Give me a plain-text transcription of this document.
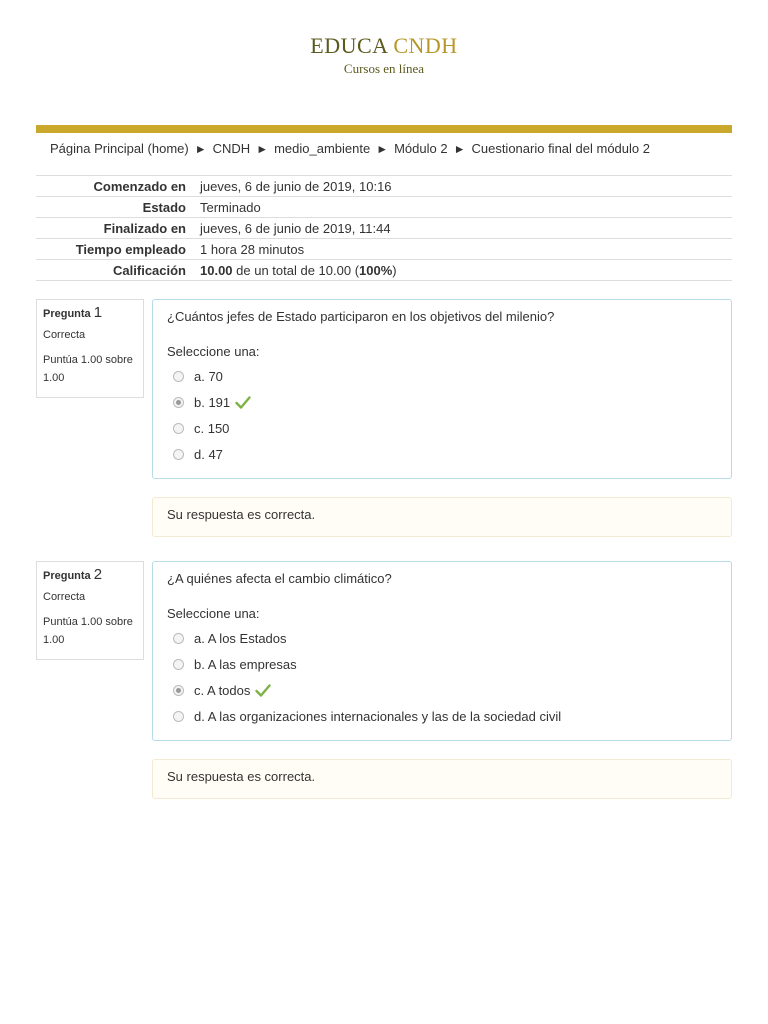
EDUCA CNDH
Cursos en línea
Página Principal (home) ► CNDH ► medio_ambiente ► Módulo 2 ► Cuestionario final del módulo 2
Comenzado en	jueves, 6 de junio de 2019, 10:16
Estado	Terminado
Finalizado en	jueves, 6 de junio de 2019, 11:44
Tiempo empleado	1 hora 28 minutos
Calificación	10.00 de un total de 10.00 (100%)
Pregunta 1
Correcta
Puntúa 1.00 sobre 1.00
¿Cuántos jefes de Estado participaron en los objetivos del milenio?
Seleccione una:
a. 70
b. 191
c. 150
d. 47
Su respuesta es correcta.
Pregunta 2
Correcta
Puntúa 1.00 sobre 1.00
¿A quiénes afecta el cambio climático?
Seleccione una:
a. A los Estados
b. A las empresas
c. A todos
d. A las organizaciones internacionales y las de la sociedad civil
Su respuesta es correcta.
